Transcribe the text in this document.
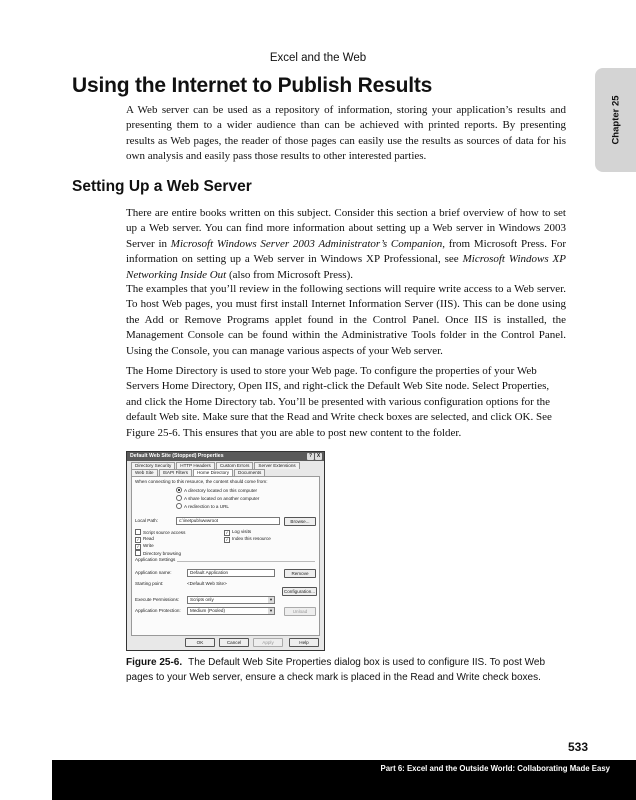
Excel and the Web
Chapter 25
Using the Internet to Publish Results

A Web server can be used as a repository of information, storing your application’s results and presenting them to a wider audience than can be achieved with printed reports. By presenting results as Web pages, the reader of those pages can easily use the results as sources of data for his own analysis and easily pass those results to other interested parties.

Setting Up a Web Server

There are entire books written on this subject. Consider this section a brief overview of how to set up a Web server. You can find more information about setting up a Web server in Windows 2003 Server in Microsoft Windows Server 2003 Administrator’s Companion, from Microsoft Press. For information on setting up a Web server in Windows XP Professional, see Microsoft Windows XP Networking Inside Out (also from Microsoft Press).

The examples that you’ll review in the following sections will require write access to a Web server. To host Web pages, you must first install Internet Information Server (IIS). This can be done using the Add or Remove Programs applet found in the Control Panel. Once IIS is installed, the Management Console can be found within the Administrative Tools folder in the Control Panel. Using the Console, you can manage various aspects of your Web server.

The Home Directory is used to store your Web page. To configure the properties of your Web Servers Home Directory, Open IIS, and right-click the Default Web Site node. Select Properties, and click the Home Directory tab. You’ll be presented with various configuration options for the default Web site. Make sure that the Read and Write check boxes are selected, and click OK. See Figure 25-6. This ensures that you are able to post new content to the folder.

Default Web Site (Stopped) Properties	? X
Directory Security	HTTP Headers	Custom Errors	Server Extensions
Web Site	ISAPI Filters	Home Directory	Documents
When connecting to this resource, the content should come from:
A directory located on this computer
A share located on another computer
A redirection to a URL
Local Path:	c:\inetpub\wwwroot	Browse...
Script source access
✓ Read
✓ Write
Directory browsing
✓ Log visits
✓ Index this resource
Application Settings
Application name:	Default Application	Remove
Starting point:	<Default Web Site>
Configuration...
Execute Permissions:	Scripts only ▾
Application Protection:	Medium (Pooled) ▾	Unload
OK	Cancel	Apply	Help

Figure 25-6. The Default Web Site Properties dialog box is used to configure IIS. To post Web pages to your Web server, ensure a check mark is placed in the Read and Write check boxes.

533
Part 6: Excel and the Outside World: Collaborating Made Easy
